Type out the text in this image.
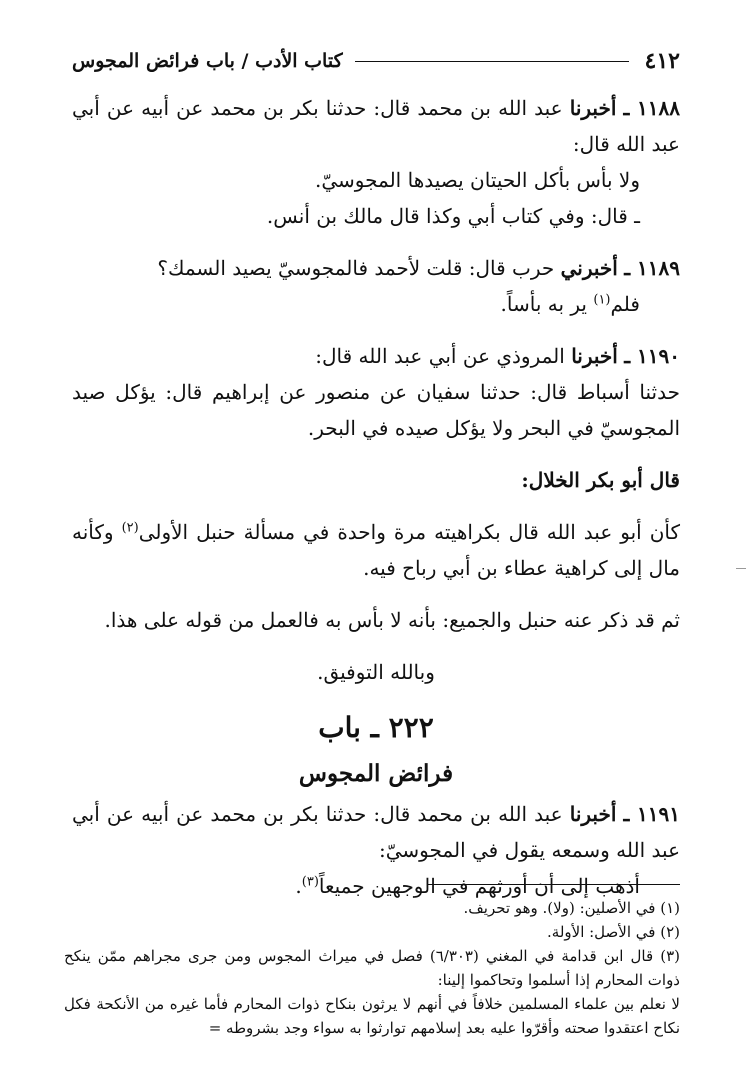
٤١٢
كتاب الأدب / باب فرائض المجوس

١١٨٨ ـ أخبرنا عبد الله بن محمد قال: حدثنا بكر بن محمد عن أبيه عن أبي عبد الله قال:

ولا بأس بأكل الحيتان يصيدها المجوسيّ.

ـ قال: وفي كتاب أبي وكذا قال مالك بن أنس.

١١٨٩ ـ أخبرني حرب قال: قلت لأحمد فالمجوسيّ يصيد السمك؟

فلم$^{(١)}$ ير به بأساً.

١١٩٠ ـ أخبرنا المروذي عن أبي عبد الله قال:

حدثنا أسباط قال: حدثنا سفيان عن منصور عن إبراهيم قال: يؤكل صيد المجوسيّ في البحر ولا يؤكل صيده في البحر.

قال أبو بكر الخلال:

كأن أبو عبد الله قال بكراهيته مرة واحدة في مسألة حنبل الأولى$^{(٢)}$ وكأنه مال إلى كراهية عطاء بن أبي رباح فيه.

ثم قد ذكر عنه حنبل والجميع: بأنه لا بأس به فالعمل من قوله على هذا.

وبالله التوفيق.

٢٢٢ ـ باب
فرائض المجوس

١١٩١ ـ أخبرنا عبد الله بن محمد قال: حدثنا بكر بن محمد عن أبيه عن أبي عبد الله وسمعه يقول في المجوسيّ:

أذهب إلى أن أورثهم في الوجهين جميعاً$^{(٣)}$.

(١) في الأصلين: (ولا). وهو تحريف.

(٢) في الأصل: الأولة.

(٣) قال ابن قدامة في المغني (٦/٣٠٣) فصل في ميراث المجوس ومن جرى مجراهم ممّن ينكح ذوات المحارم إذا أسلموا وتحاكموا إلينا:

لا نعلم بين علماء المسلمين خلافاً في أنهم لا يرثون بنكاح ذوات المحارم فأما غيره من الأنكحة فكل نكاح اعتقدوا صحته وأقرّوا عليه بعد إسلامهم توارثوا به سواء وجد بشروطه =
